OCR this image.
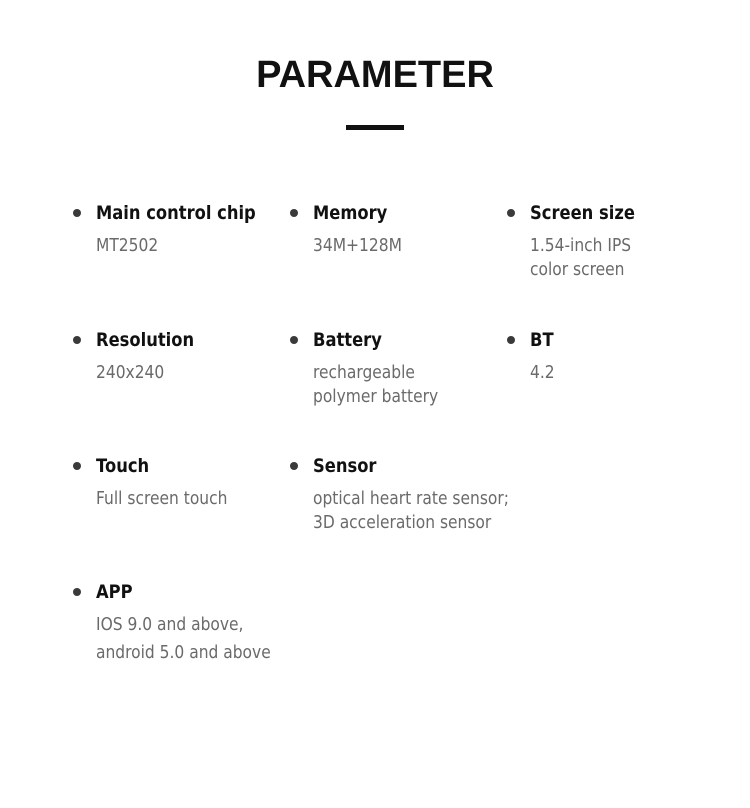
PARAMETER
Main control chip
MT2502
Memory
34M+128M
Screen size
1.54-inch IPS
color screen
Resolution
240x240
Battery
rechargeable
polymer battery
BT
4.2
Touch
Full screen touch
Sensor
optical heart rate sensor;
3D acceleration sensor
APP
IOS 9.0 and above,
android 5.0 and above
